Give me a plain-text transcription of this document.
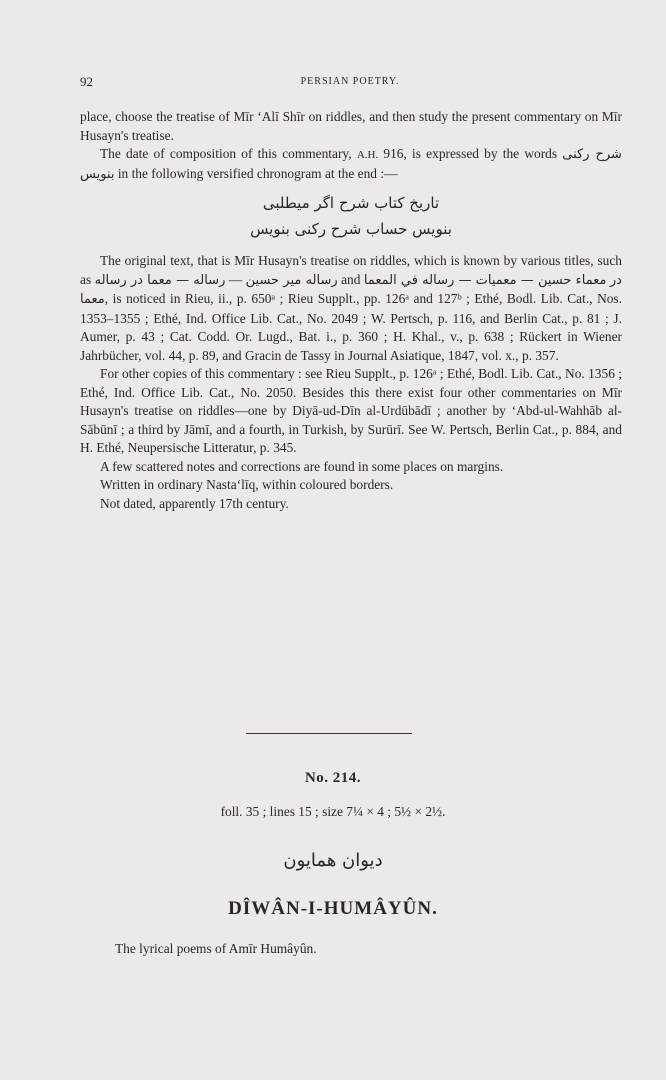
92	PERSIAN POETRY.

place, choose the treatise of Mīr ‘Alī Shīr on riddles, and then study the present commentary on Mīr Husayn's treatise.

The date of composition of this commentary, A.H. 916, is expressed by the words شرح رکنی بنویس in the following versified chronogram at the end :—

تاریخ کتاب شرح اگر میطلبی
بنویس حساب شرح رکنی بنویس

The original text, that is Mīr Husayn's treatise on riddles, which is known by various titles, such as رساله — معما در رساله — رساله میر حسین and معماء حسین — معمیات — رساله في المعما در معما, is noticed in Rieu, ii., p. 650ᵃ ; Rieu Supplt., pp. 126ᵃ and 127ᵇ ; Ethé, Bodl. Lib. Cat., Nos. 1353–1355 ; Ethé, Ind. Office Lib. Cat., No. 2049 ; W. Pertsch, p. 116, and Berlin Cat., p. 81 ; J. Aumer, p. 43 ; Cat. Codd. Or. Lugd., Bat. i., p. 360 ; H. Khal., v., p. 638 ; Rückert in Wiener Jahrbücher, vol. 44, p. 89, and Gracin de Tassy in Journal Asiatique, 1847, vol. x., p. 357.

For other copies of this commentary : see Rieu Supplt., p. 126ᵃ ; Ethé, Bodl. Lib. Cat., No. 1356 ; Ethé, Ind. Office Lib. Cat., No. 2050. Besides this there exist four other commentaries on Mīr Husayn's treatise on riddles—one by Diyā-ud-Dīn al-Urdūbādī ; another by ‘Abd-ul-Wahhāb al-Sābūnī ; a third by Jāmī, and a fourth, in Turkish, by Surūrī. See W. Pertsch, Berlin Cat., p. 884, and H. Ethé, Neupersische Litteratur, p. 345.

A few scattered notes and corrections are found in some places on margins.

Written in ordinary Nasta‘līq, within coloured borders.

Not dated, apparently 17th century.

No. 214.
foll. 35 ; lines 15 ; size 7¼ × 4 ; 5½ × 2½.
دیوان همایون
DÎWÂN-I-HUMÂYÛN.
The lyrical poems of Amīr Humâyûn.
